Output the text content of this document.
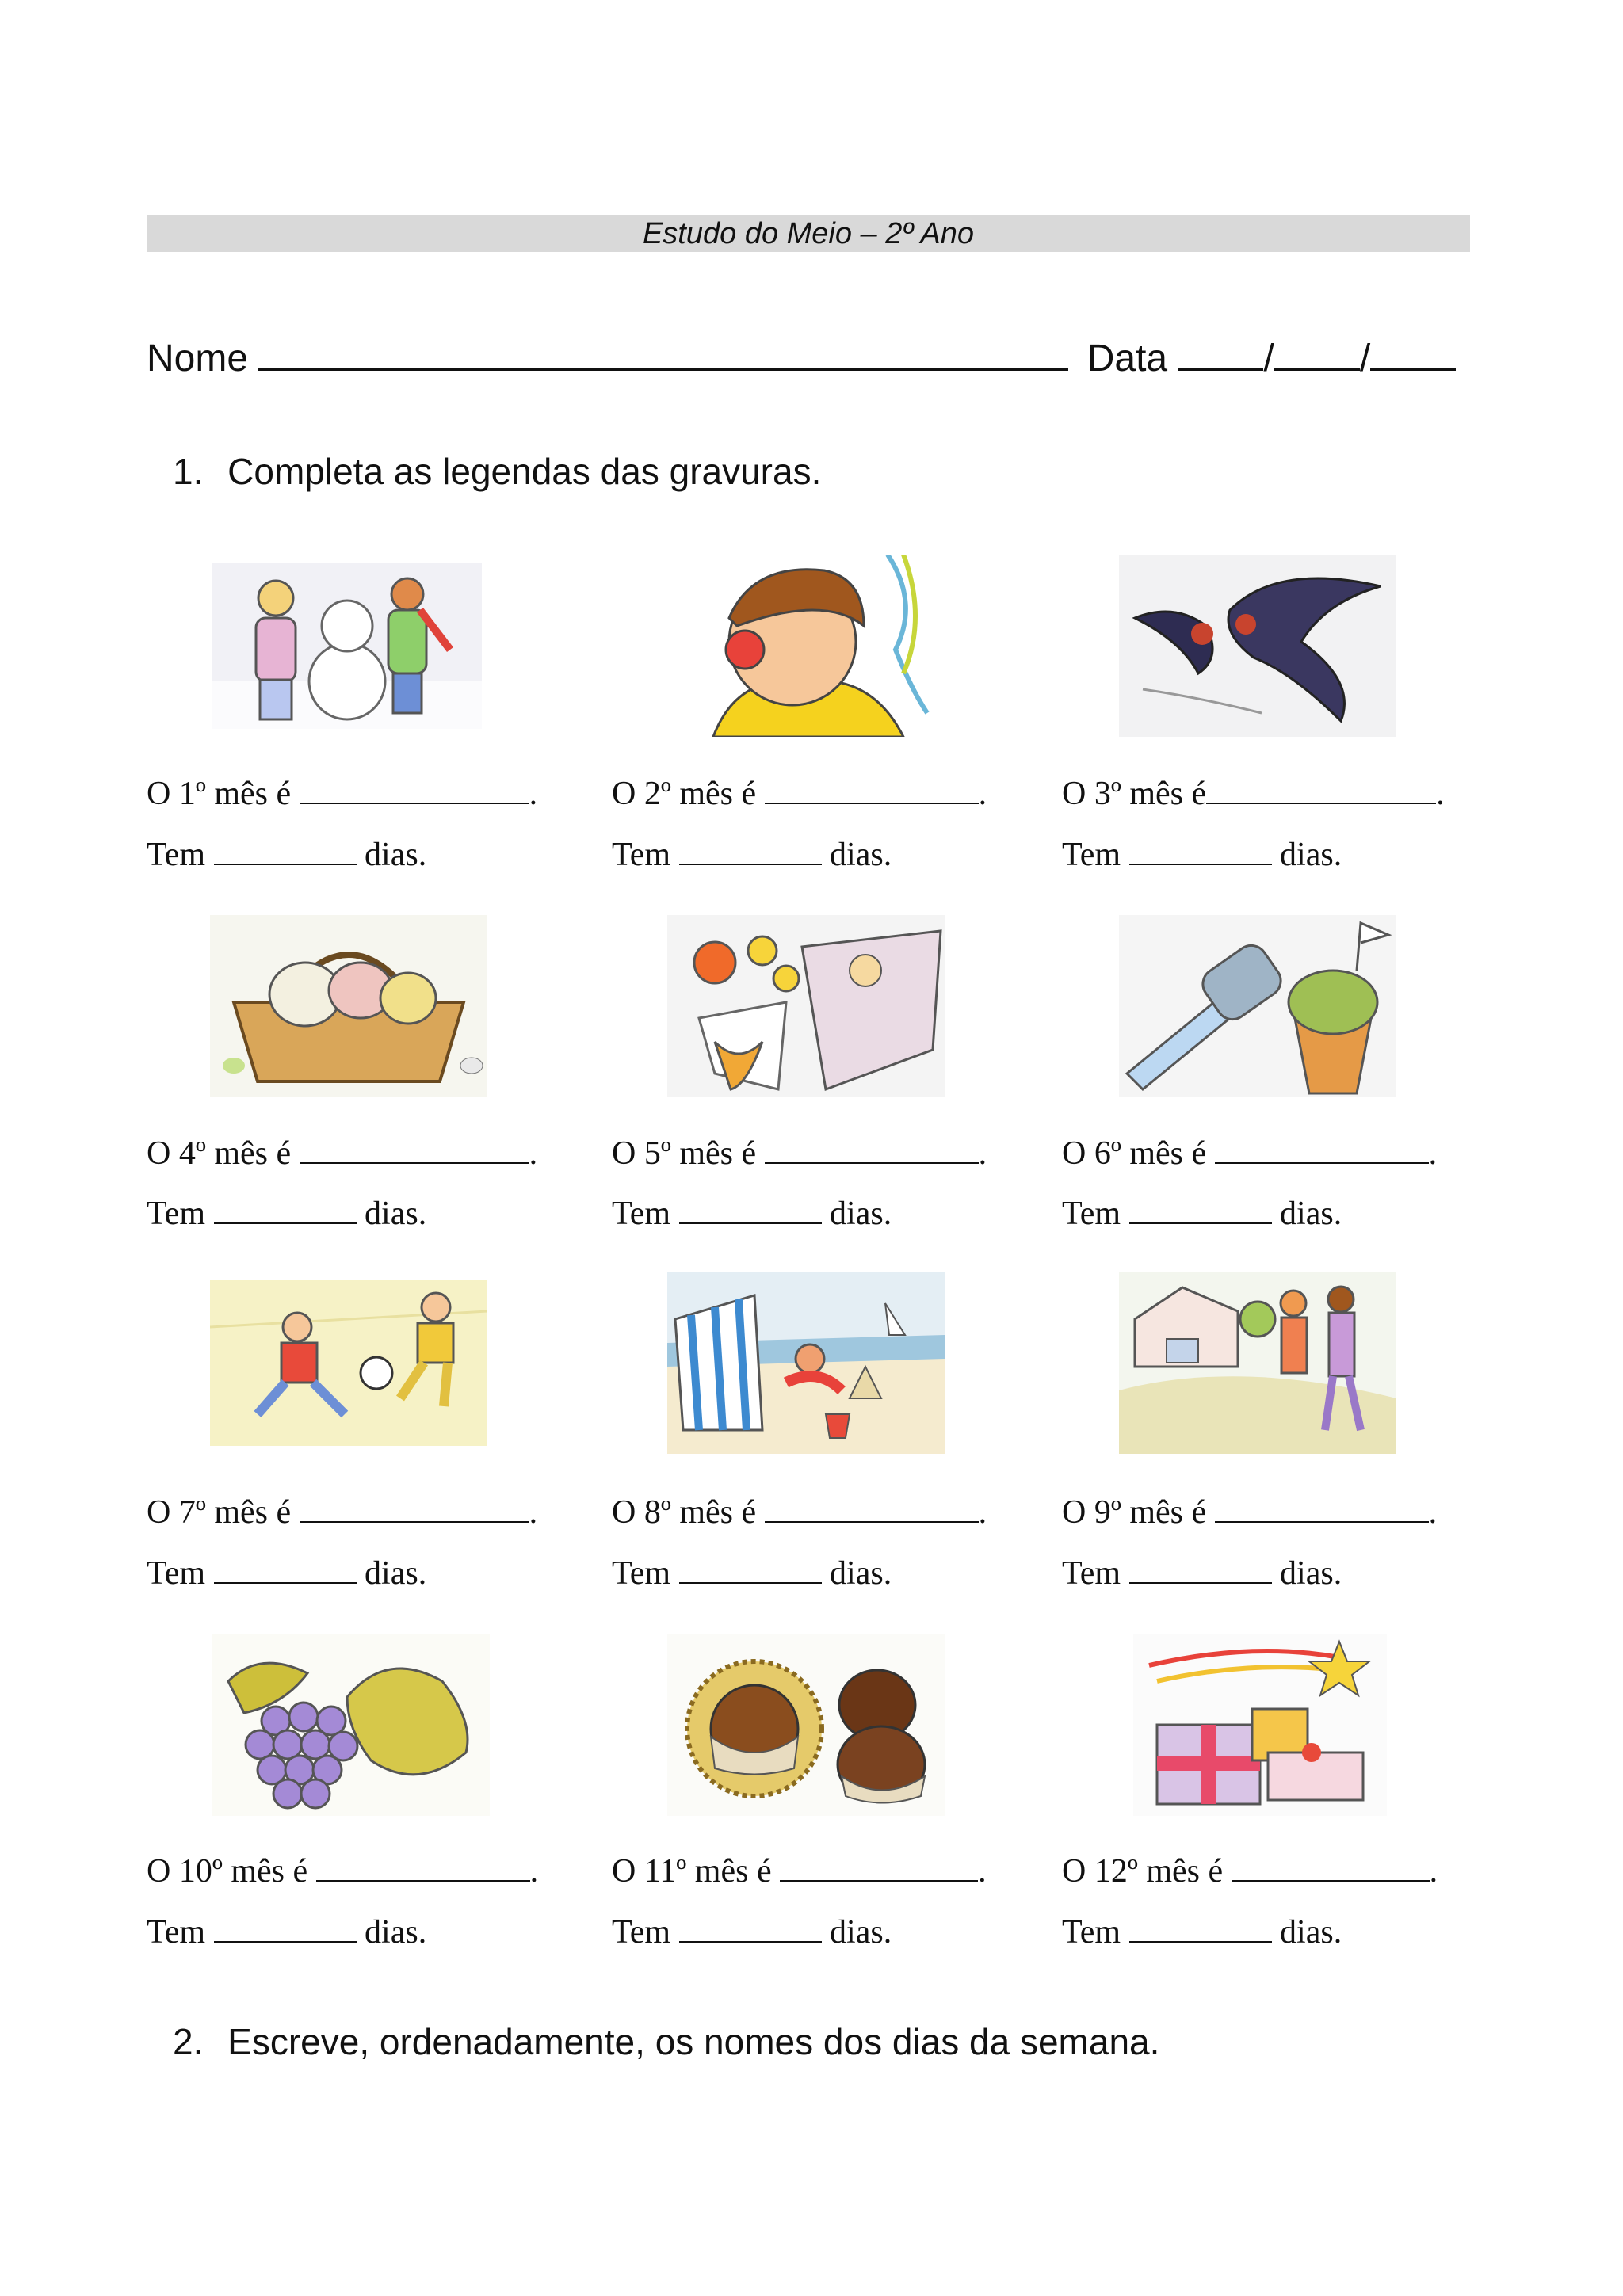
Estudo do Meio – 2º Ano
Nome	Data	/ /
1. Completa as legendas das gravuras.
O 1º mês é	. O 2º mês é	. O 3º mês é	.
Tem	dias.	Tem	dias.	Tem	dias.
O 4º mês é	. O 5º mês é	. O 6º mês é	.
Tem	dias.	Tem	dias.	Tem	dias.
O 7º mês é	. O 8º mês é	. O 9º mês é	.
Tem	dias.	Tem	dias.	Tem	dias.
O 10º mês é	. O 11º mês é	. O 12º mês é	.
Tem	dias.	Tem	dias.	Tem	dias.
2. Escreve, ordenadamente, os nomes dos dias da semana.
